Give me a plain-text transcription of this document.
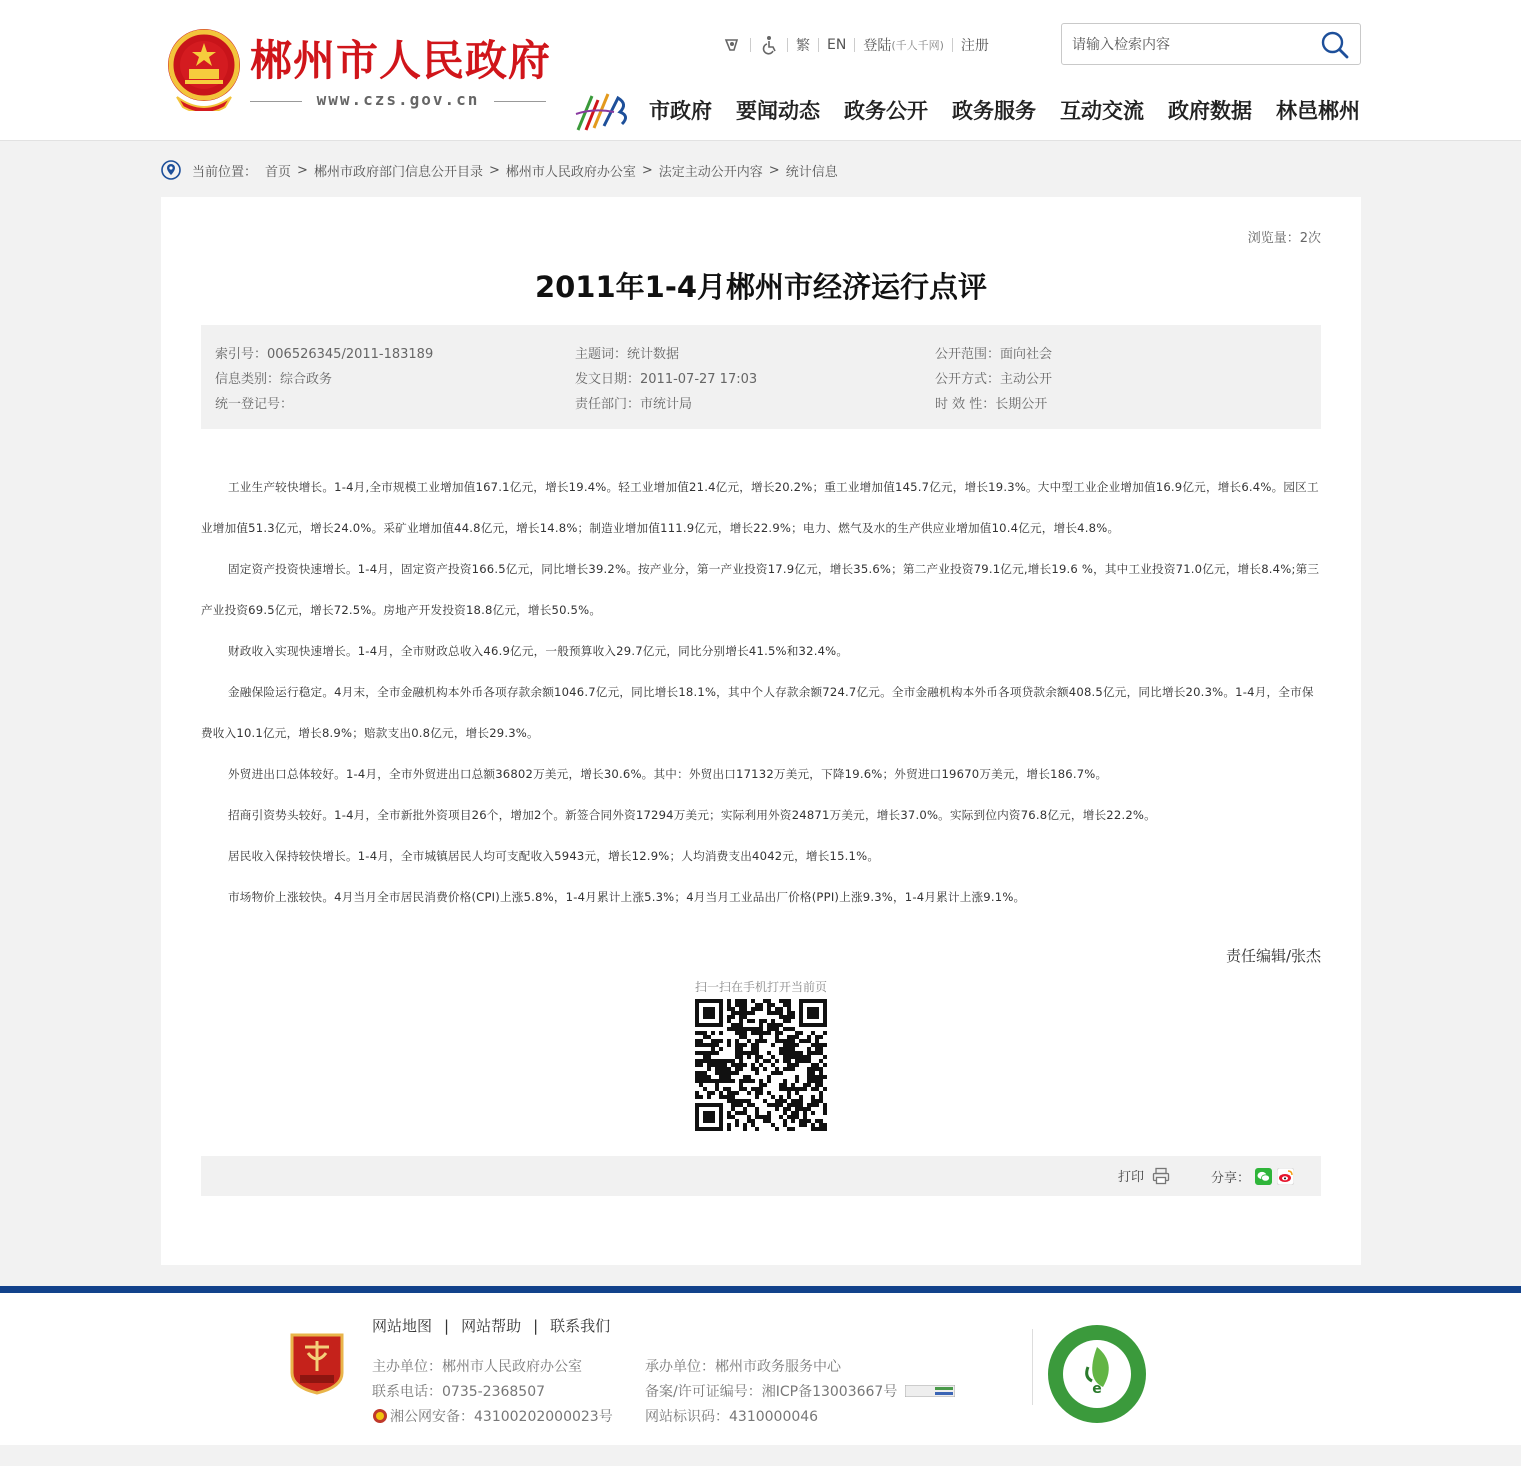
郴州市人民政府
www.czs.gov.cn
繁 EN 登陆 (千人千网) 注册
请输入检索内容
市政府 要闻动态 政务公开 政务服务 互动交流 政府数据 林邑郴州
当前位置： 首页 > 郴州市政府部门信息公开目录 > 郴州市人民政府办公室 > 法定主动公开内容 > 统计信息
浏览量：2次
2011年1-4月郴州市经济运行点评
索引号：006526345/2011-183189
信息类别：综合政务
统一登记号：
主题词：统计数据
发文日期：2011-07-27 17:03
责任部门：市统计局
公开范围：面向社会
公开方式：主动公开
时 效 性：长期公开

工业生产较快增长。1-4月,全市规模工业增加值167.1亿元，增长19.4%。轻工业增加值21.4亿元，增长20.2%；重工业增加值145.7亿元，增长19.3%。大中型工业企业增加值16.9亿元，增长6.4%。园区工业增加值51.3亿元，增长24.0%。采矿业增加值44.8亿元，增长14.8%；制造业增加值111.9亿元，增长22.9%；电力、燃气及水的生产供应业增加值10.4亿元，增长4.8%。

固定资产投资快速增长。1-4月，固定资产投资166.5亿元，同比增长39.2%。按产业分，第一产业投资17.9亿元，增长35.6%；第二产业投资79.1亿元,增长19.6 %，其中工业投资71.0亿元，增长8.4%;第三产业投资69.5亿元，增长72.5%。房地产开发投资18.8亿元，增长50.5%。

财政收入实现快速增长。1-4月，全市财政总收入46.9亿元，一般预算收入29.7亿元，同比分别增长41.5%和32.4%。

金融保险运行稳定。4月末，全市金融机构本外币各项存款余额1046.7亿元，同比增长18.1%，其中个人存款余额724.7亿元。全市金融机构本外币各项贷款余额408.5亿元，同比增长20.3%。1-4月，全市保费收入10.1亿元，增长8.9%；赔款支出0.8亿元，增长29.3%。

外贸进出口总体较好。1-4月，全市外贸进出口总额36802万美元，增长30.6%。其中：外贸出口17132万美元，下降19.6%；外贸进口19670万美元，增长186.7%。

招商引资势头较好。1-4月，全市新批外资项目26个，增加2个。新签合同外资17294万美元；实际利用外资24871万美元，增长37.0%。实际到位内资76.8亿元，增长22.2%。

居民收入保持较快增长。1-4月，全市城镇居民人均可支配收入5943元，增长12.9%；人均消费支出4042元，增长15.1%。

市场物价上涨较快。4月当月全市居民消费价格(CPI)上涨5.8%，1-4月累计上涨5.3%；4月当月工业品出厂价格(PPI)上涨9.3%，1-4月累计上涨9.1%。

责任编辑/张杰
扫一扫在手机打开当前页
打印	分享：
网站地图 | 网站帮助 | 联系我们
主办单位：郴州市人民政府办公室
联系电话：0735-2368507
湘公网安备：43100202000023号
承办单位：郴州市政务服务中心
备案/许可证编号：湘ICP备13003667号
网站标识码：4310000046
e
